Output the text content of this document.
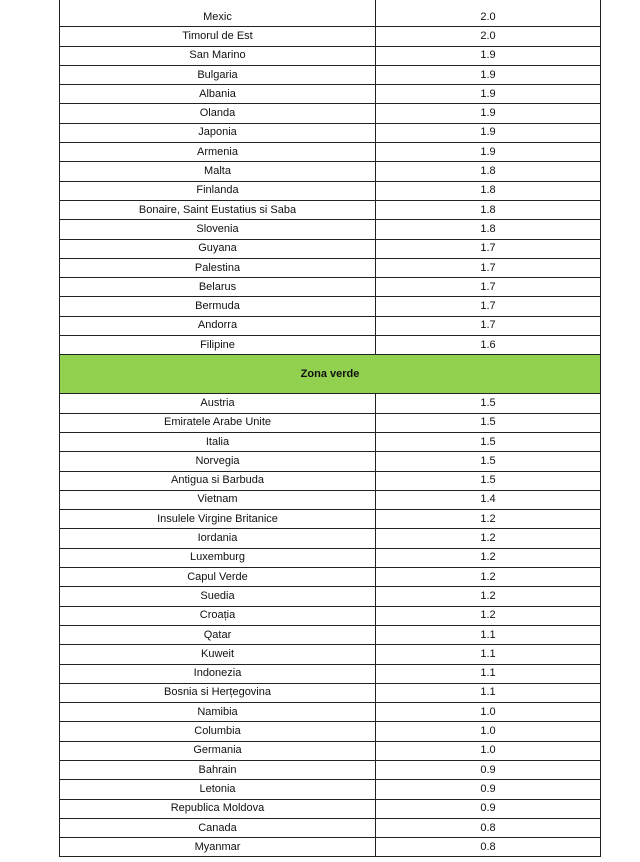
Mexic	2.0
Timorul de Est	2.0
San Marino	1.9
Bulgaria	1.9
Albania	1.9
Olanda	1.9
Japonia	1.9
Armenia	1.9
Malta	1.8
Finlanda	1.8
Bonaire, Saint Eustatius si Saba	1.8
Slovenia	1.8
Guyana	1.7
Palestina	1.7
Belarus	1.7
Bermuda	1.7
Andorra	1.7
Filipine	1.6
Zona verde
Austria	1.5
Emiratele Arabe Unite	1.5
Italia	1.5
Norvegia	1.5
Antigua si Barbuda	1.5
Vietnam	1.4
Insulele Virgine Britanice	1.2
Iordania	1.2
Luxemburg	1.2
Capul Verde	1.2
Suedia	1.2
Croația	1.2
Qatar	1.1
Kuweit	1.1
Indonezia	1.1
Bosnia si Herțegovina	1.1
Namibia	1.0
Columbia	1.0
Germania	1.0
Bahrain	0.9
Letonia	0.9
Republica Moldova	0.9
Canada	0.8
Myanmar	0.8
